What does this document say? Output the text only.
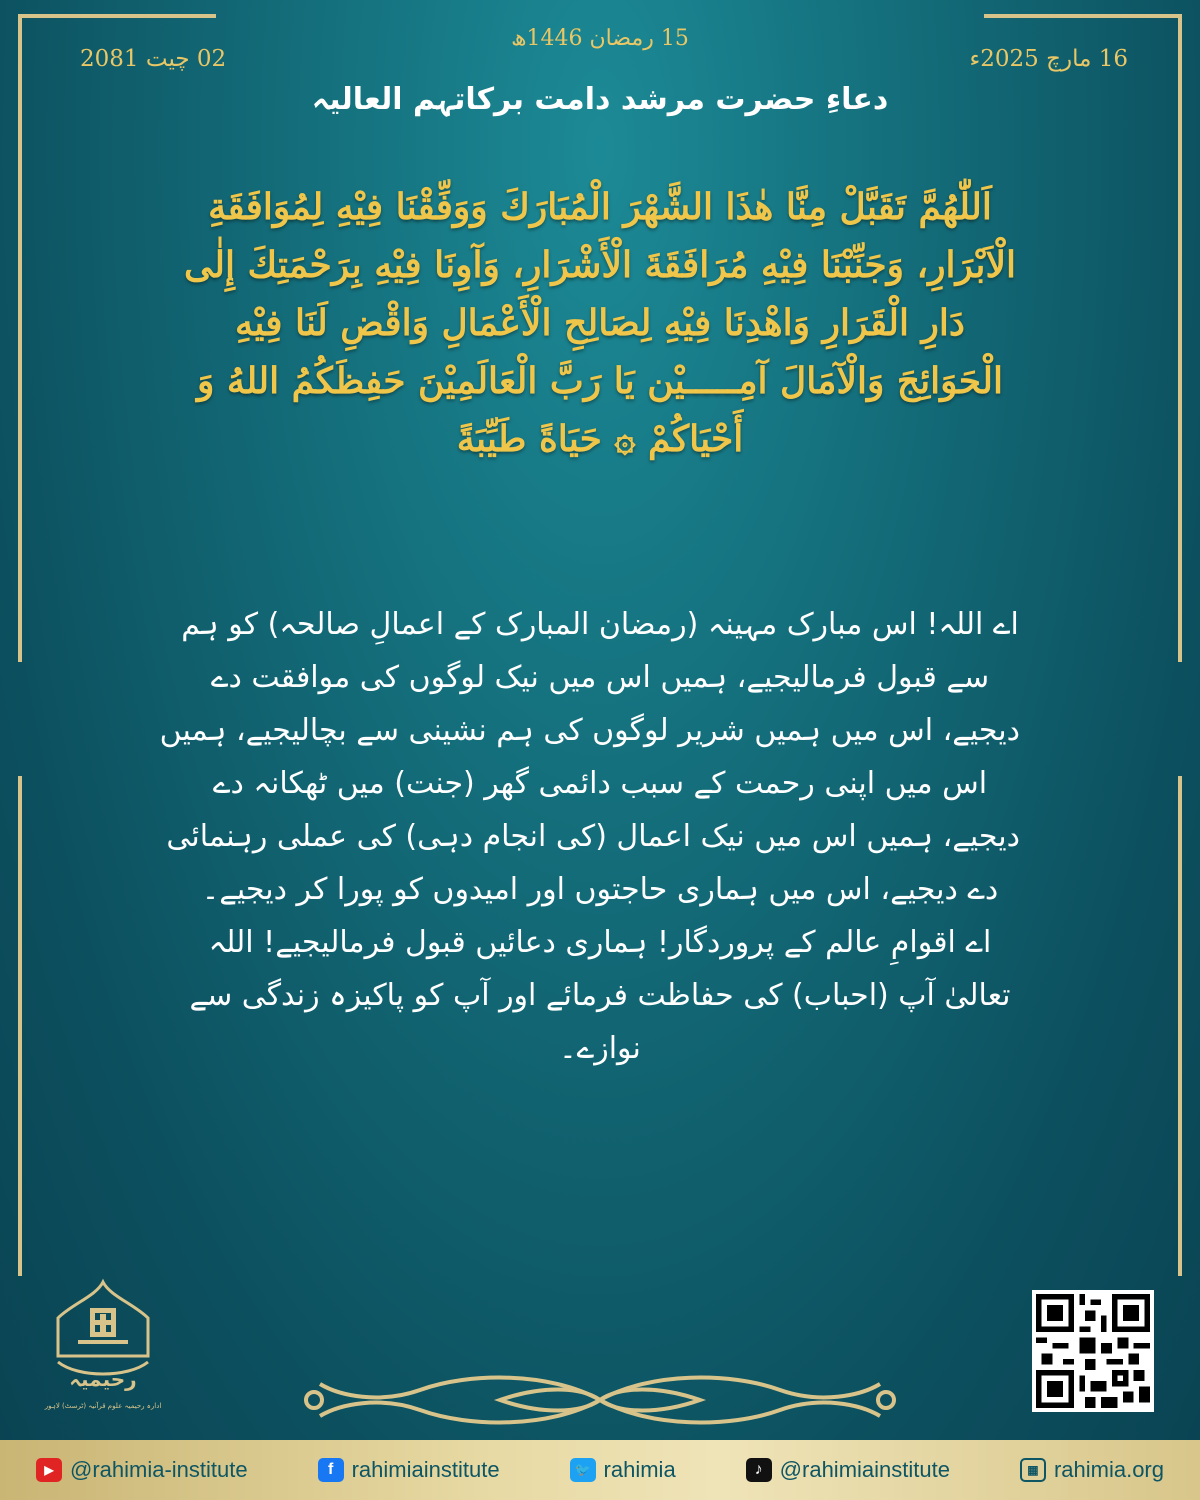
15 رمضان 1446ھ
16 مارچ 2025ء
02 چیت 2081
دعاءِ حضرت مرشد دامت برکاتہم العالیہ
اَللّٰهُمَّ تَقَبَّلْ مِنَّا هٰذَا الشَّهْرَ الْمُبَارَكَ وَوَفِّقْنَا فِيْهِ لِمُوَافَقَةِ
الْاَبْرَارِ، وَجَنِّبْنَا فِيْهِ مُرَافَقَةَ الْأَشْرَارِ، وَآوِنَا فِيْهِ بِرَحْمَتِكَ إِلٰى
دَارِ الْقَرَارِ وَاهْدِنَا فِيْهِ لِصَالِحِ الْأَعْمَالِ وَاقْضِ لَنَا فِيْهِ
الْحَوَائِجَ وَالْآمَالَ آمِـــــيْن يَا رَبَّ الْعَالَمِيْنَ حَفِظَكُمُ اللهُ وَ
أَحْيَاكُمْ ۞ حَيَاةً طَيِّبَةً
اے اللہ! اس مبارک مہینہ (رمضان المبارک کے اعمالِ صالحہ) کو ہم
سے قبول فرمالیجیے، ہمیں اس میں نیک لوگوں کی موافقت دے
دیجیے، اس میں ہمیں شریر لوگوں کی ہم نشینی سے بچالیجیے، ہمیں
اس میں اپنی رحمت کے سبب دائمی گھر (جنت) میں ٹھکانہ دے
دیجیے، ہمیں اس میں نیک اعمال (کی انجام دہی) کی عملی رہنمائی
دے دیجیے، اس میں ہماری حاجتوں اور امیدوں کو پورا کر دیجیے۔
اے اقوامِ عالم کے پروردگار! ہماری دعائیں قبول فرمالیجیے! اللہ
تعالیٰ آپ (احباب) کی حفاظت فرمائے اور آپ کو پاکیزہ زندگی سے
نوازے۔
رحیمیہ
ادارہ رحیمیہ علوم قرآنیہ (ٹرسٹ) لاہور
▶ @rahimia-institute	f rahimiainstitute	🐦 rahimia	♪ @rahimiainstitute	▦ rahimia.org
